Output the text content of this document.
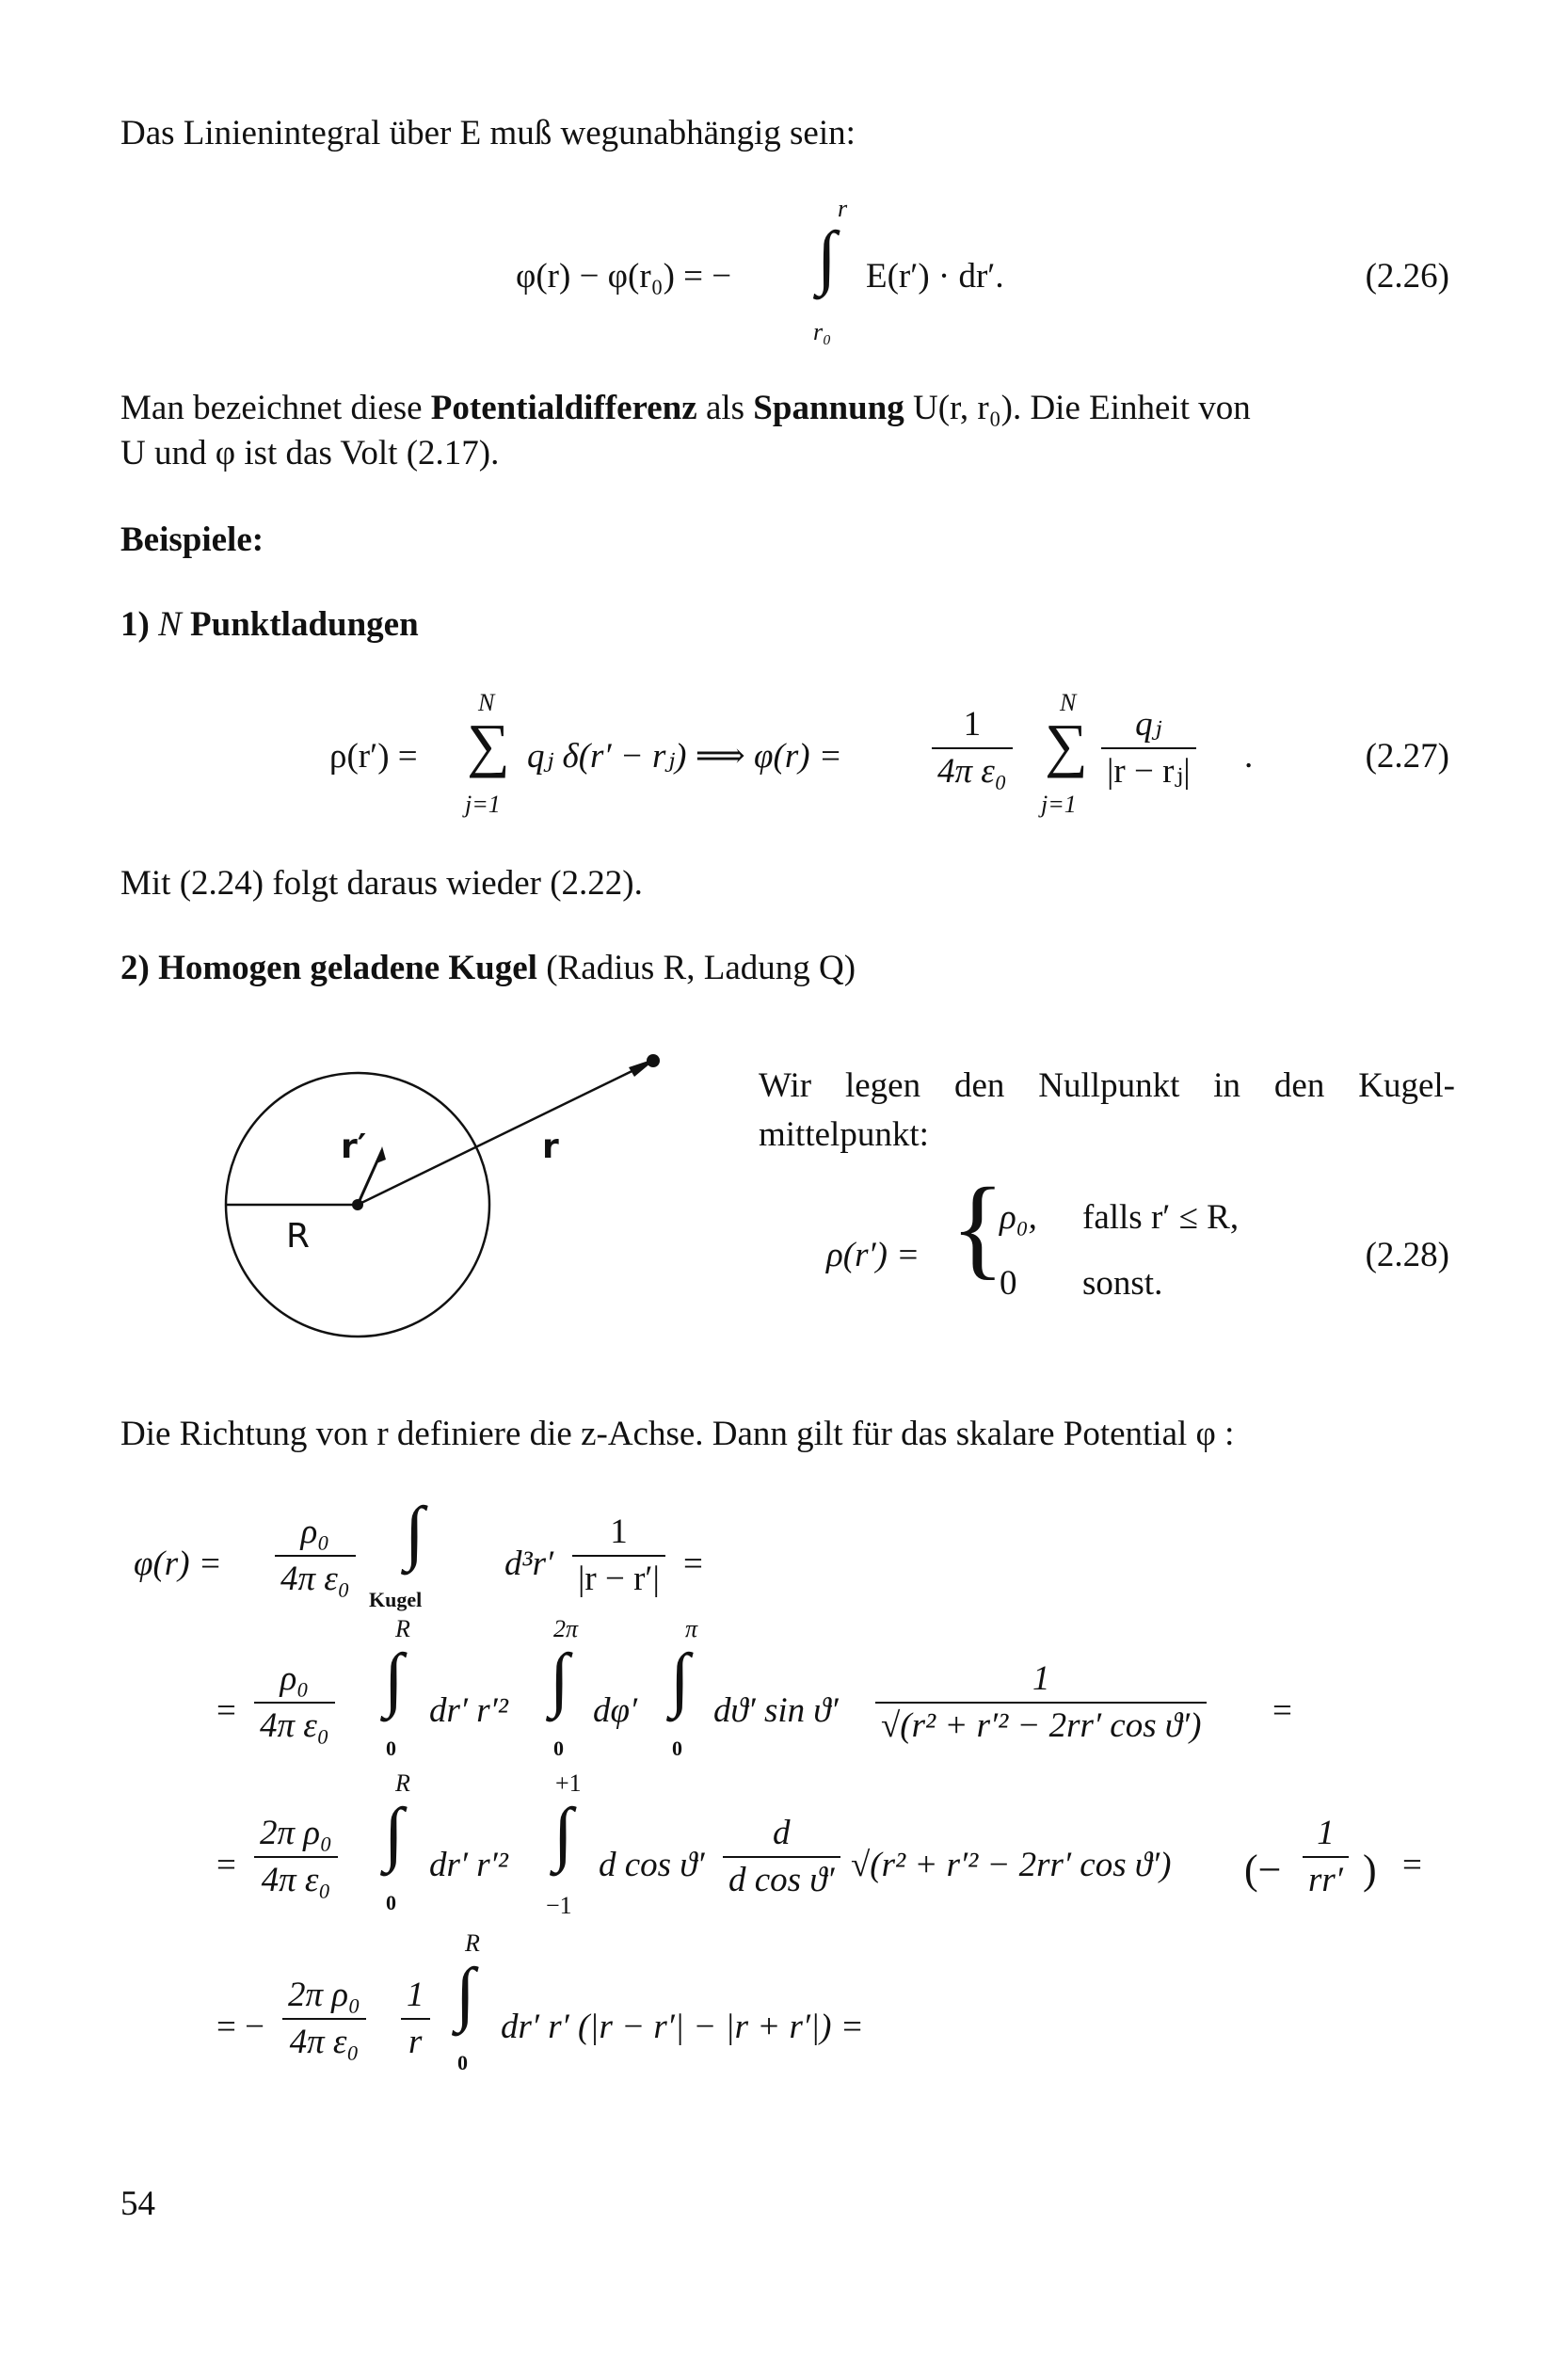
Das Linienintegral über E muß wegunabhängig sein:
φ(r) − φ(r₀) = −
r
∫
r₀
E(r′) · dr′.	(2.26)
Man bezeichnet diese Potentialdifferenz als Spannung U(r, r₀). Die Einheit von
U und φ ist das Volt (2.17).
Beispiele:
1) N Punktladungen
ρ(r′) =
N
∑
j=1
qⱼ δ(r′ − rⱼ) ⟹ φ(r) =	$\frac{1}{\text{4π ε₀}}$ N
∑
j=1
$\frac{\text{qⱼ}}{\text{|r − rⱼ|}}$ .	(2.27)
Mit (2.24) folgt daraus wieder (2.22).
2) Homogen geladene Kugel (Radius R, Ladung Q)
r′	r
R
Wir legen den Nullpunkt in den Kugel-
mittelpunkt:
ρ(r′) = {
ρ₀, falls r′ ≤ R,
0 sonst.
(2.28)
Die Richtung von r definiere die z-Achse. Dann gilt für das skalare Potential φ :
$\varphi(r) = \frac{\text{ρ₀}}{\text{4π ε₀}}$ ∫
Kugel
$d^3r' \frac{1}{|r - r'|}$ =
= $\frac{\text{ρ₀}}{\text{4π ε₀}}$
R
∫
0
dr′ r′²
2π
∫
0
dφ′
π
∫
0
dϑ′ $\sin ϑ' \frac{1}{\text{√(r² + r′² − 2rr′ cos ϑ′)}}$ =
= $\frac{\text{2π ρ₀}}{\text{4π ε₀}}$
R
∫
0
dr′ r′²
+1
∫
−1
d $\cos ϑ' \frac{d}{\text{d cos ϑ′}} √(r^2 + r'^2 - 2rr'$ cos ϑ′) (− $\frac{1}{rr'}$ ) =
= − $\frac{\text{2π ρ₀}}{\text{4π ε₀}} \frac{1}{r}$
R
∫
0
dr′ r′ (|r − r′| − |r + r′|) =
54
